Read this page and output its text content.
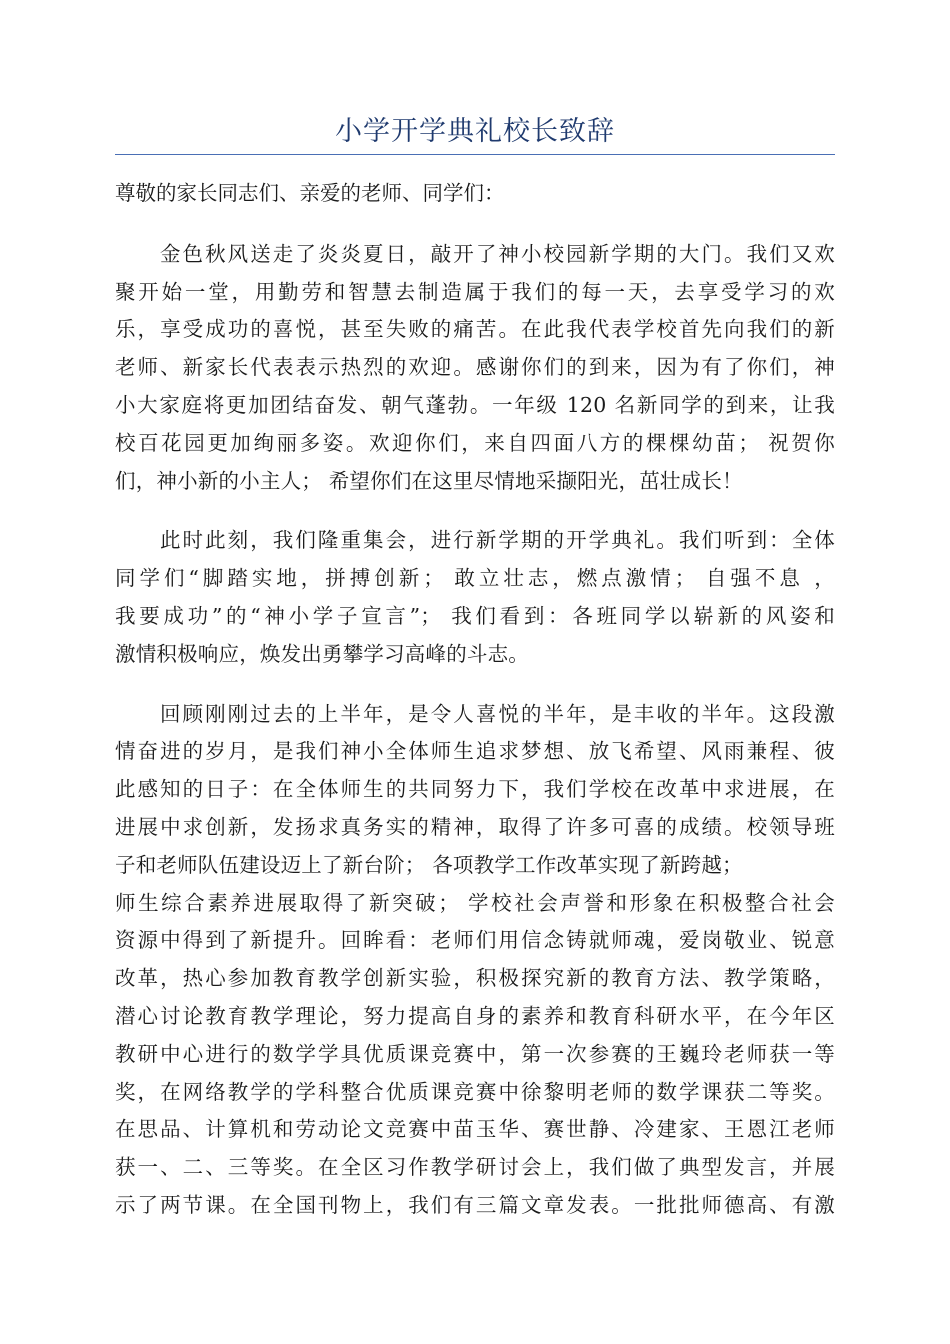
小学开学典礼校长致辞
尊敬的家长同志们、亲爱的老师、同学们：
金色秋风送走了炎炎夏日，敲开了神小校园新学期的大门。我们又欢
聚开始一堂，用勤劳和智慧去制造属于我们的每一天，去享受学习的欢
乐，享受成功的喜悦，甚至失败的痛苦。在此我代表学校首先向我们的新
老师、新家长代表表示热烈的欢迎。感谢你们的到来，因为有了你们，神
小大家庭将更加团结奋发、朝气蓬勃。一年级 120 名新同学的到来，让我
校百花园更加绚丽多姿。欢迎你们，来自四面八方的棵棵幼苗； 祝贺你
们，神小新的小主人； 希望你们在这里尽情地采撷阳光，茁壮成长！
此时此刻，我们隆重集会，进行新学期的开学典礼。我们听到：全体
同学们“脚踏实地，拼搏创新； 敢立壮志，燃点激情； 自强不息 ，
我要成功”的“神小学子宣言”； 我们看到：各班同学以崭新的风姿和
激情积极响应，焕发出勇攀学习高峰的斗志。
回顾刚刚过去的上半年，是令人喜悦的半年，是丰收的半年。这段激
情奋进的岁月，是我们神小全体师生追求梦想、放飞希望、风雨兼程、彼
此感知的日子：在全体师生的共同努力下，我们学校在改革中求进展，在
进展中求创新，发扬求真务实的精神，取得了许多可喜的成绩。校领导班
子和老师队伍建设迈上了新台阶； 各项教学工作改革实现了新跨越；
师生综合素养进展取得了新突破； 学校社会声誉和形象在积极整合社会
资源中得到了新提升。回眸看：老师们用信念铸就师魂，爱岗敬业、锐意
改革，热心参加教育教学创新实验，积极探究新的教育方法、教学策略，
潜心讨论教育教学理论，努力提高自身的素养和教育科研水平，在今年区
教研中心进行的数学学具优质课竞赛中，第一次参赛的王巍玲老师获一等
奖，在网络教学的学科整合优质课竞赛中徐黎明老师的数学课获二等奖。
在思品、计算机和劳动论文竞赛中苗玉华、赛世静、冷建家、王恩江老师
获一、二、三等奖。在全区习作教学研讨会上，我们做了典型发言，并展
示了两节课。在全国刊物上，我们有三篇文章发表。一批批师德高、有激
